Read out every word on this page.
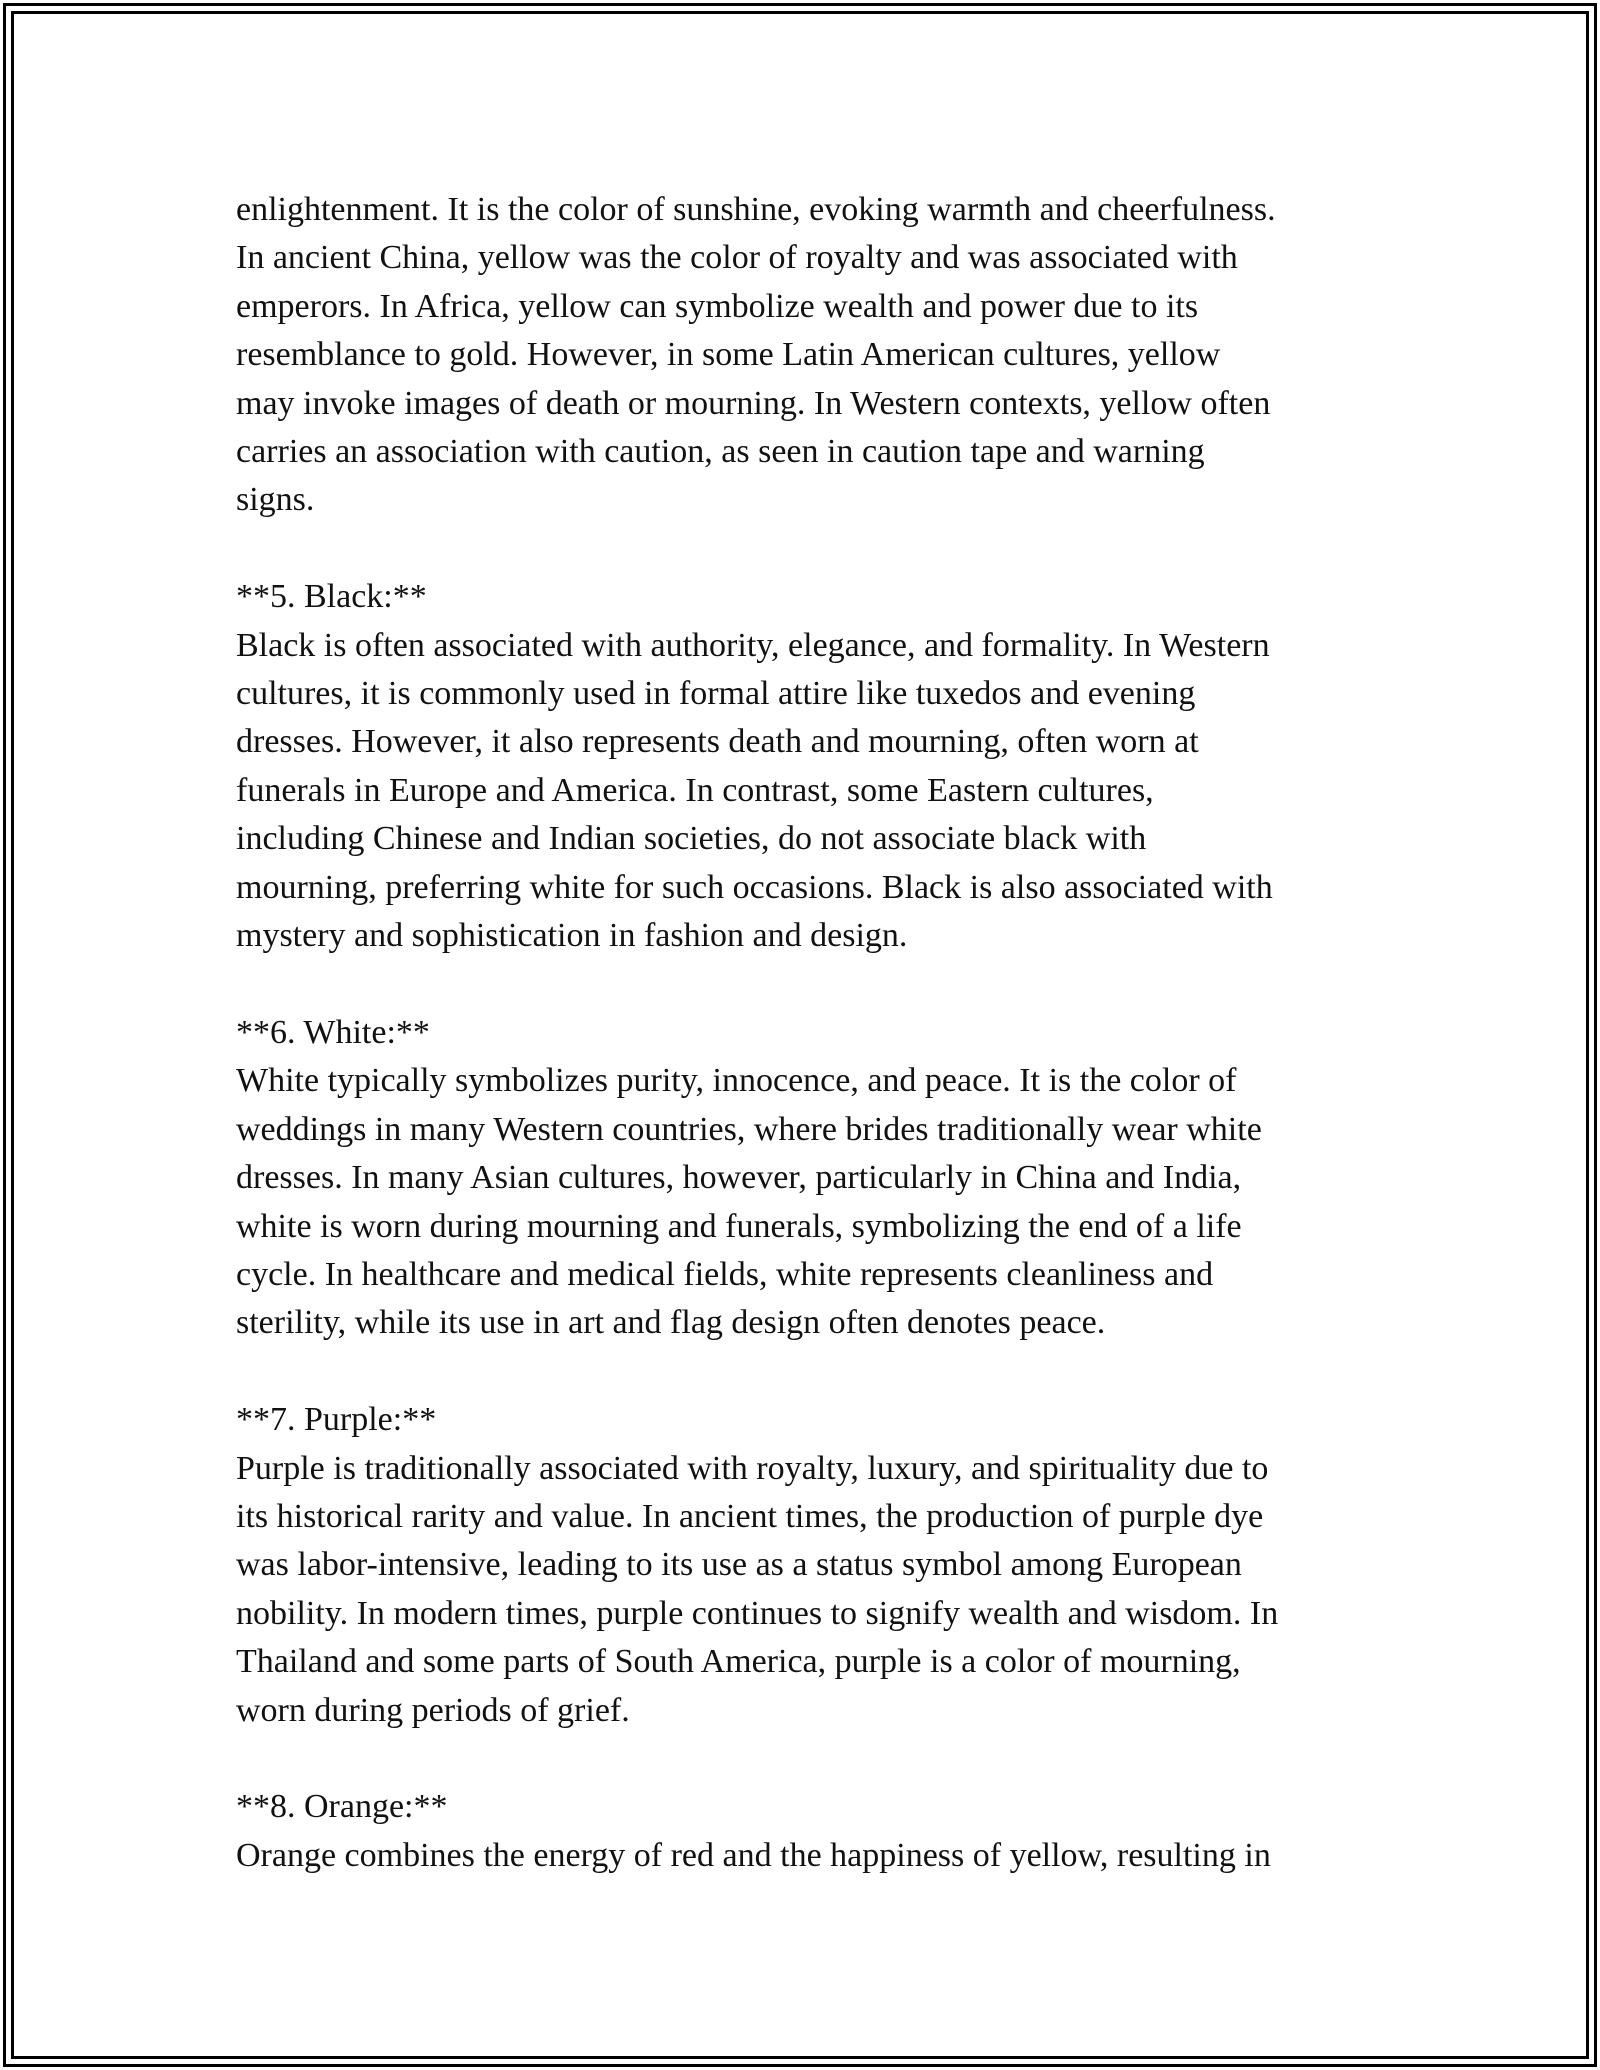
enlightenment. It is the color of sunshine, evoking warmth and cheerfulness.
In ancient China, yellow was the color of royalty and was associated with
emperors. In Africa, yellow can symbolize wealth and power due to its
resemblance to gold. However, in some Latin American cultures, yellow
may invoke images of death or mourning. In Western contexts, yellow often
carries an association with caution, as seen in caution tape and warning
signs.

**5. Black:**

Black is often associated with authority, elegance, and formality. In Western
cultures, it is commonly used in formal attire like tuxedos and evening
dresses. However, it also represents death and mourning, often worn at
funerals in Europe and America. In contrast, some Eastern cultures,
including Chinese and Indian societies, do not associate black with
mourning, preferring white for such occasions. Black is also associated with
mystery and sophistication in fashion and design.

**6. White:**

White typically symbolizes purity, innocence, and peace. It is the color of
weddings in many Western countries, where brides traditionally wear white
dresses. In many Asian cultures, however, particularly in China and India,
white is worn during mourning and funerals, symbolizing the end of a life
cycle. In healthcare and medical fields, white represents cleanliness and
sterility, while its use in art and flag design often denotes peace.

**7. Purple:**

Purple is traditionally associated with royalty, luxury, and spirituality due to
its historical rarity and value. In ancient times, the production of purple dye
was labor-intensive, leading to its use as a status symbol among European
nobility. In modern times, purple continues to signify wealth and wisdom. In
Thailand and some parts of South America, purple is a color of mourning,
worn during periods of grief.

**8. Orange:**

Orange combines the energy of red and the happiness of yellow, resulting in
